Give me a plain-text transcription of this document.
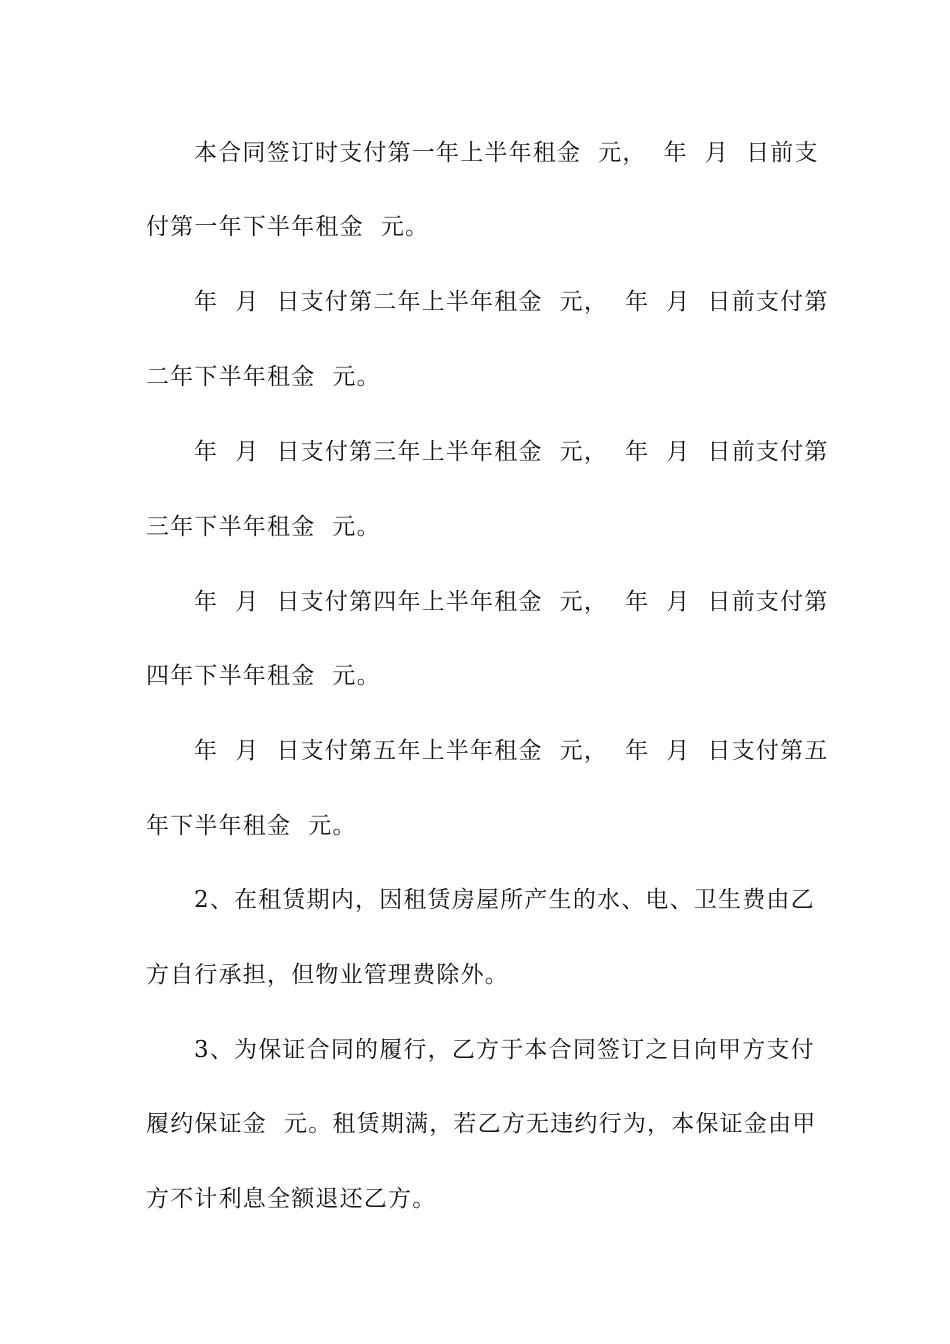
本合同签订时支付第一年上半年租金  元，  年  月  日前支
付第一年下半年租金  元。
年  月  日支付第二年上半年租金  元，  年  月  日前支付第
二年下半年租金  元。
年  月  日支付第三年上半年租金  元，  年  月  日前支付第
三年下半年租金  元。
年  月  日支付第四年上半年租金  元，  年  月  日前支付第
四年下半年租金  元。
年  月  日支付第五年上半年租金  元，  年  月  日支付第五
年下半年租金  元。
2、在租赁期内，因租赁房屋所产生的水、电、卫生费由乙
方自行承担，但物业管理费除外。
3、为保证合同的履行，乙方于本合同签订之日向甲方支付
履约保证金  元。租赁期满，若乙方无违约行为，本保证金由甲
方不计利息全额退还乙方。
